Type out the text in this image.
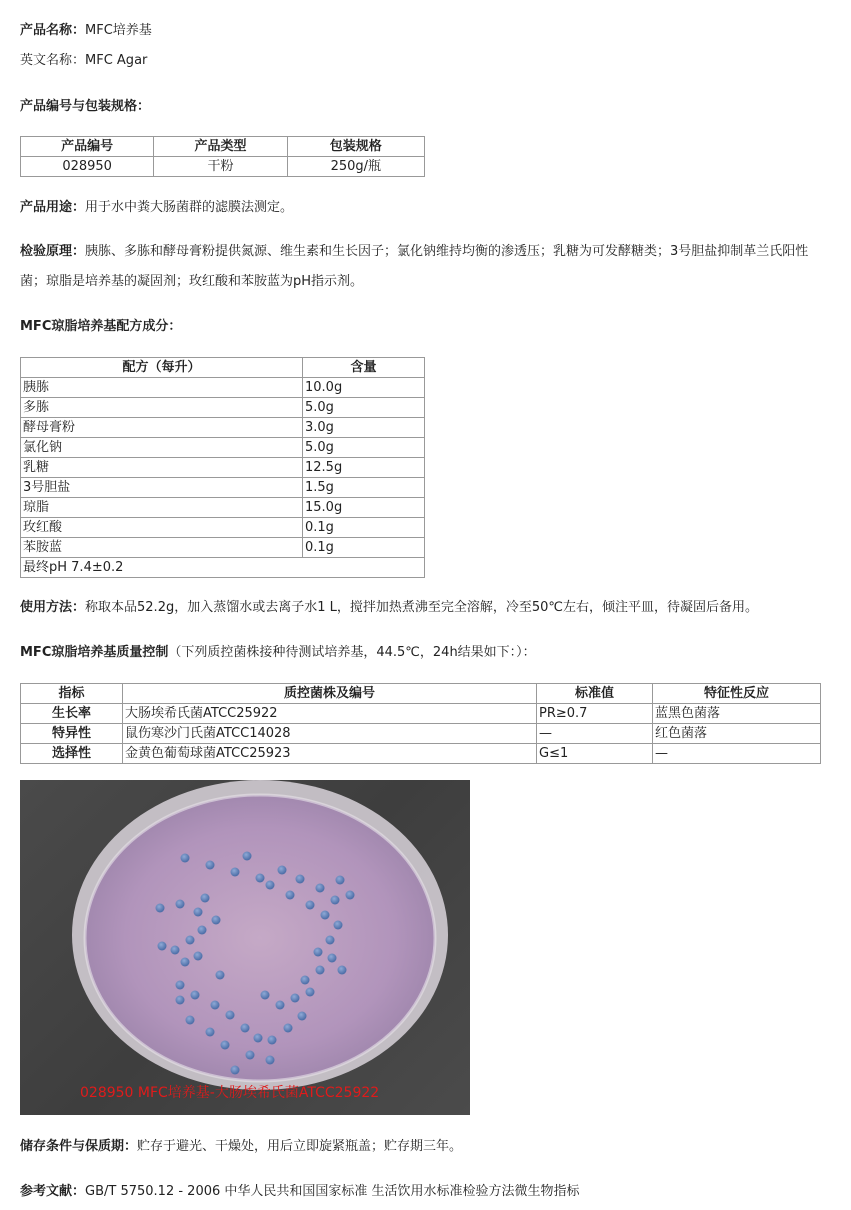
产品名称：MFC培养基
英文名称：MFC Agar
产品编号与包装规格：
产品编号	产品类型	包装规格
028950	干粉	250g/瓶
产品用途：用于水中粪大肠菌群的滤膜法测定。
检验原理：胰胨、多胨和酵母膏粉提供氮源、维生素和生长因子；氯化钠维持均衡的渗透压；乳糖为可发酵糖类；3号胆盐抑制革兰氏阳性菌；琼脂是培养基的凝固剂；玫红酸和苯胺蓝为pH指示剂。
MFC琼脂培养基配方成分：
配方（每升）	含量
胰胨	10.0g
多胨	5.0g
酵母膏粉	3.0g
氯化钠	5.0g
乳糖	12.5g
3号胆盐	1.5g
琼脂	15.0g
玫红酸	0.1g
苯胺蓝	0.1g
最终pH 7.4±0.2	
使用方法：称取本品52.2g，加入蒸馏水或去离子水1 L，搅拌加热煮沸至完全溶解，冷至50℃左右，倾注平皿，待凝固后备用。
MFC琼脂培养基质量控制（下列质控菌株接种待测试培养基，44.5℃，24h结果如下：）：
指标	质控菌株及编号	标准值	特征性反应
生长率	大肠埃希氏菌ATCC25922	PR≥0.7	蓝黑色菌落
特异性	鼠伤寒沙门氏菌ATCC14028	—	红色菌落
选择性	金黄色葡萄球菌ATCC25923	G≤1	—
028950 MFC培养基-大肠埃希氏菌ATCC25922
储存条件与保质期：贮存于避光、干燥处，用后立即旋紧瓶盖；贮存期三年。
参考文献：GB/T 5750.12 - 2006 中华人民共和国国家标准 生活饮用水标准检验方法微生物指标
